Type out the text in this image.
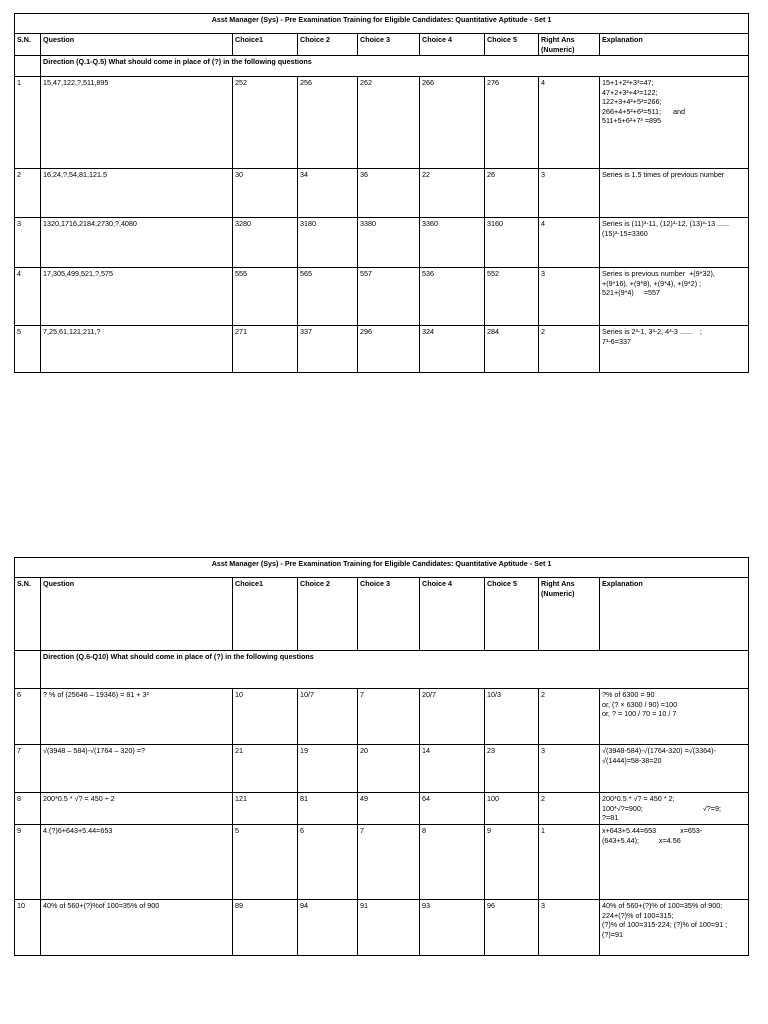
Asst Manager (Sys) - Pre Examination Training for Eligible Candidates: Quantitative Aptitude - Set 1								
S.N.	Question	Choice1	Choice 2	Choice 3	Choice 4	Choice 5	Right Ans (Numeric)	Explanation
	Direction (Q.1-Q.5) What should come in place of (?) in the following questions							
1	15,47,122,?,511,895	252	256	262	266	276	4	15+1+2²+3³=47;
47+2+3²+4³=122;
122+3+4²+5³=266;
266+4+5²+6³=511;      and
511+5+6²+7³ =895
2	16,24,?,54,81,121.5	30	34	36	22	26	3	Series is 1.5 times of previous number
3	1320,1716,2184,2730,?,4080	3280	3180	3380	3360	3160	4	Series is (11)³-11, (12)³-12, (13)³-13 ......
(15)³-15=3360
4	17,305,499,521,?,575	555	565	557	536	552	3	Series is previous number  +(9*32),
+(9*16), +(9*8), +(9*4), +(9*2) ;
521+(9*4)     =557
5	7,25,61,121,211,?	271	337	296	324	284	2	Series is 2³-1, 3³-2, 4³-3 ......    ;
7³-6=337
Asst Manager (Sys) - Pre Examination Training for Eligible Candidates: Quantitative Aptitude - Set 1								
S.N.	Question	Choice1	Choice 2	Choice 3	Choice 4	Choice 5	Right Ans (Numeric)	Explanation
	Direction (Q.6-Q10) What should come in place of (?) in the following questions							
6	? % of (25646 – 19346) = 81 + 3²	10	10/7	7	20/7	10/3	2	?% of 6300 = 90
or, (? × 6300 / 90) =100
or, ? = 100 / 70 = 10 / 7
7	√(3948 – 584)-√(1764 – 320) =?	21	19	20	14	23	3	√(3948-584)-√(1764-320) =√(3364)-
√(1444)=58-38=20
8	200*0.5 * √? = 450 ÷ 2	121	81	49	64	100	2	200*0.5 * √? = 450 * 2;
100*√?=900;                              √?=9;
?=81
9	4.(?)6+643+5.44=653	5	6	7	8	9	1	x+643+5.44=653            x=653-
(643+5.44);          x=4.56
10	40% of 560+(?)%of 100=35% of 900	89	94	91	93	96	3	40% of 560+(?)% of 100=35% of 900;
224+(?)% of 100=315;
(?)% of 100=315-224; (?)% of 100=91 ;
(?)=91
